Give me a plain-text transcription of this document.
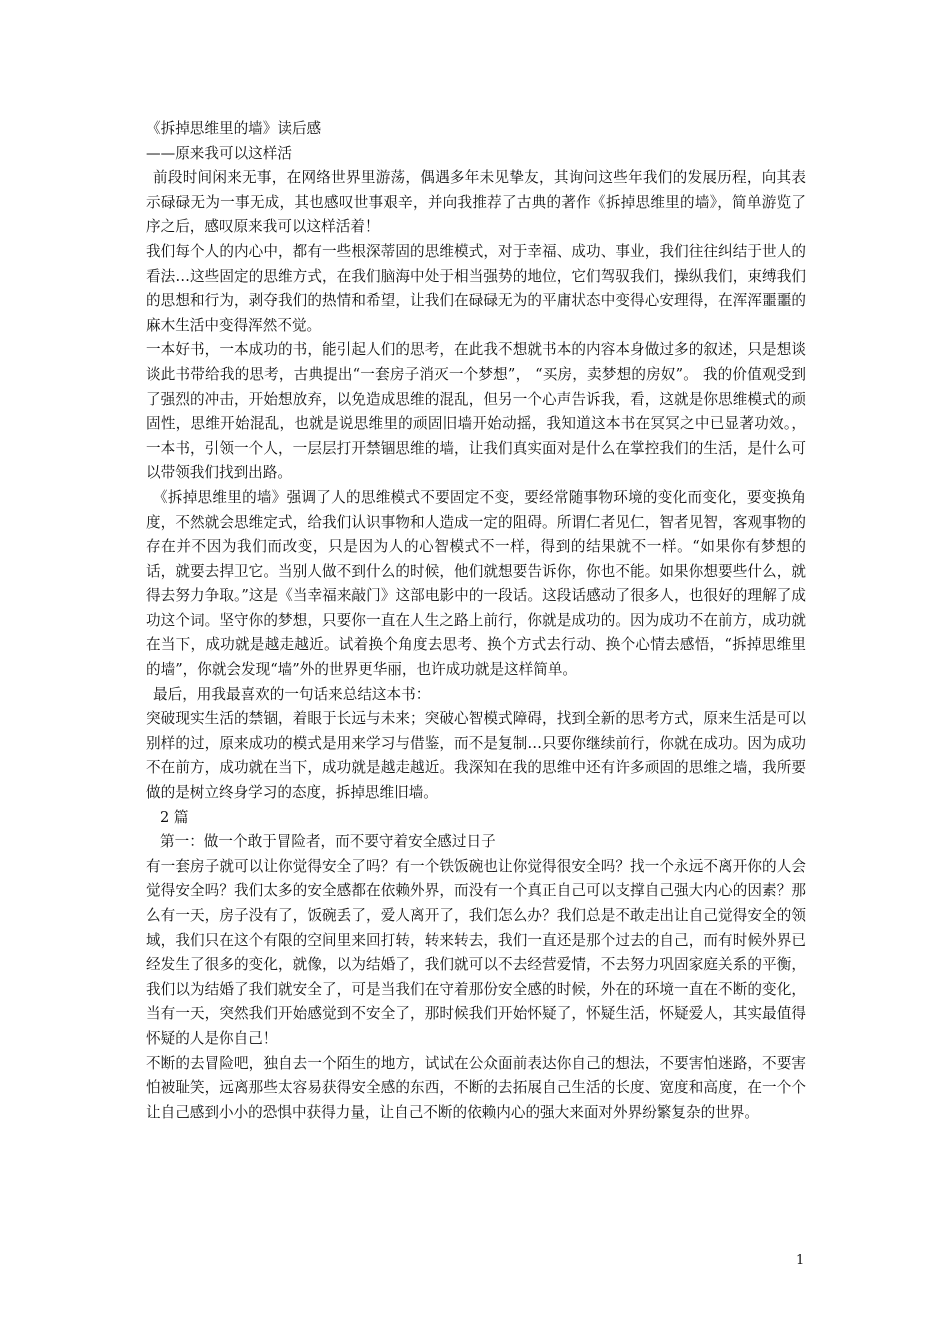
《拆掉思维里的墙》读后感

——原来我可以这样活

前段时间闲来无事，在网络世界里游荡，偶遇多年未见挚友，其询问这些年我们的发展历程，向其表示碌碌无为一事无成，其也感叹世事艰辛，并向我推荐了古典的著作《拆掉思维里的墙》，简单游览了序之后，感叹原来我可以这样活着！

我们每个人的内心中，都有一些根深蒂固的思维模式，对于幸福、成功、事业，我们往往纠结于世人的看法…这些固定的思维方式，在我们脑海中处于相当强势的地位，它们驾驭我们，操纵我们，束缚我们的思想和行为，剥夺我们的热情和希望，让我们在碌碌无为的平庸状态中变得心安理得，在浑浑噩噩的麻木生活中变得浑然不觉。

一本好书，一本成功的书，能引起人们的思考，在此我不想就书本的内容本身做过多的叙述，只是想谈谈此书带给我的思考，古典提出“一套房子消灭一个梦想”， “买房，卖梦想的房奴”。 我的价值观受到了强烈的冲击，开始想放弃，以免造成思维的混乱，但另一个心声告诉我，看，这就是你思维模式的顽固性，思维开始混乱，也就是说思维里的顽固旧墙开始动摇，我知道这本书在冥冥之中已显著功效。，一本书，引领一个人，一层层打开禁锢思维的墙，让我们真实面对是什么在掌控我们的生活，是什么可以带领我们找到出路。

《拆掉思维里的墙》强调了人的思维模式不要固定不变，要经常随事物环境的变化而变化，要变换角度，不然就会思维定式，给我们认识事物和人造成一定的阻碍。所谓仁者见仁，智者见智，客观事物的存在并不因为我们而改变，只是因为人的心智模式不一样，得到的结果就不一样。“如果你有梦想的话，就要去捍卫它。当别人做不到什么的时候，他们就想要告诉你，你也不能。如果你想要些什么，就得去努力争取。”这是《当幸福来敲门》这部电影中的一段话。这段话感动了很多人，也很好的理解了成功这个词。坚守你的梦想，只要你一直在人生之路上前行，你就是成功的。因为成功不在前方，成功就在当下，成功就是越走越近。试着换个角度去思考、换个方式去行动、换个心情去感悟，“拆掉思维里的墙”，你就会发现“墙”外的世界更华丽，也许成功就是这样简单。

最后，用我最喜欢的一句话来总结这本书：

突破现实生活的禁锢，着眼于长远与未来；突破心智模式障碍，找到全新的思考方式，原来生活是可以别样的过，原来成功的模式是用来学习与借鉴，而不是复制…只要你继续前行，你就在成功。因为成功不在前方，成功就在当下，成功就是越走越近。我深知在我的思维中还有许多顽固的思维之墙，我所要做的是树立终身学习的态度，拆掉思维旧墙。

2 篇

第一：做一个敢于冒险者，而不要守着安全感过日子

有一套房子就可以让你觉得安全了吗？有一个铁饭碗也让你觉得很安全吗？找一个永远不离开你的人会觉得安全吗？我们太多的安全感都在依赖外界，而没有一个真正自己可以支撑自己强大内心的因素？那么有一天，房子没有了，饭碗丢了，爱人离开了，我们怎么办？我们总是不敢走出让自己觉得安全的领域，我们只在这个有限的空间里来回打转，转来转去，我们一直还是那个过去的自己，而有时候外界已经发生了很多的变化，就像，以为结婚了，我们就可以不去经营爱情，不去努力巩固家庭关系的平衡，我们以为结婚了我们就安全了，可是当我们在守着那份安全感的时候，外在的环境一直在不断的变化，当有一天，突然我们开始感觉到不安全了，那时候我们开始怀疑了，怀疑生活，怀疑爱人，其实最值得怀疑的人是你自己！

不断的去冒险吧，独自去一个陌生的地方，试试在公众面前表达你自己的想法，不要害怕迷路，不要害怕被耻笑，远离那些太容易获得安全感的东西，不断的去拓展自己生活的长度、宽度和高度，在一个个让自己感到小小的恐惧中获得力量，让自己不断的依赖内心的强大来面对外界纷繁复杂的世界。

1
